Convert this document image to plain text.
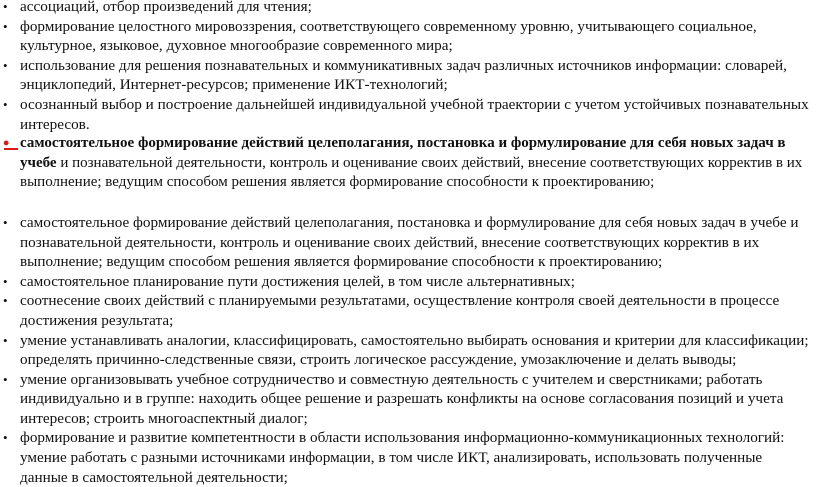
• ассоциаций, отбор произведений для чтения;
• формирование целостного мировоззрения, соответствующего современному уровню, учитывающего социальное, культурное, языковое, духовное многообразие современного мира;
• использование для решения познавательных и коммуникативных задач различных источников информации: словарей, энциклопедий, Интернет-ресурсов; применение ИКТ-технологий;
• осознанный выбор и построение дальнейшей индивидуальной учебной траектории с учетом устойчивых познавательных интересов.
• самостоятельное формирование действий целеполагания, постановка и формулирование для себя новых задач в учебе и познавательной деятельности, контроль и оценивание своих действий, внесение соответствующих корректив в их выполнение; ведущим способом решения является формирование способности к проектированию;
• самостоятельное формирование действий целеполагания, постановка и формулирование для себя новых задач в учебе и познавательной деятельности, контроль и оценивание своих действий, внесение соответствующих корректив в их выполнение; ведущим способом решения является формирование способности к проектированию;
• самостоятельное планирование пути достижения целей, в том числе альтернативных;
• соотнесение своих действий с планируемыми результатами, осуществление контроля своей деятельности в процессе достижения результата;
• умение устанавливать аналогии, классифицировать, самостоятельно выбирать основания и критерии для классификации; определять причинно-следственные связи, строить логическое рассуждение, умозаключение и делать выводы;
• умение организовывать учебное сотрудничество и совместную деятельность с учителем и сверстниками; работать индивидуально и в группе: находить общее решение и разрешать конфликты на основе согласования позиций и учета интересов; строить многоаспектный диалог;
• формирование и развитие компетентности в области использования информационно-коммуникационных технологий: умение работать с разными источниками информации, в том числе ИКТ, анализировать, использовать полученные данные в самостоятельной деятельности;
